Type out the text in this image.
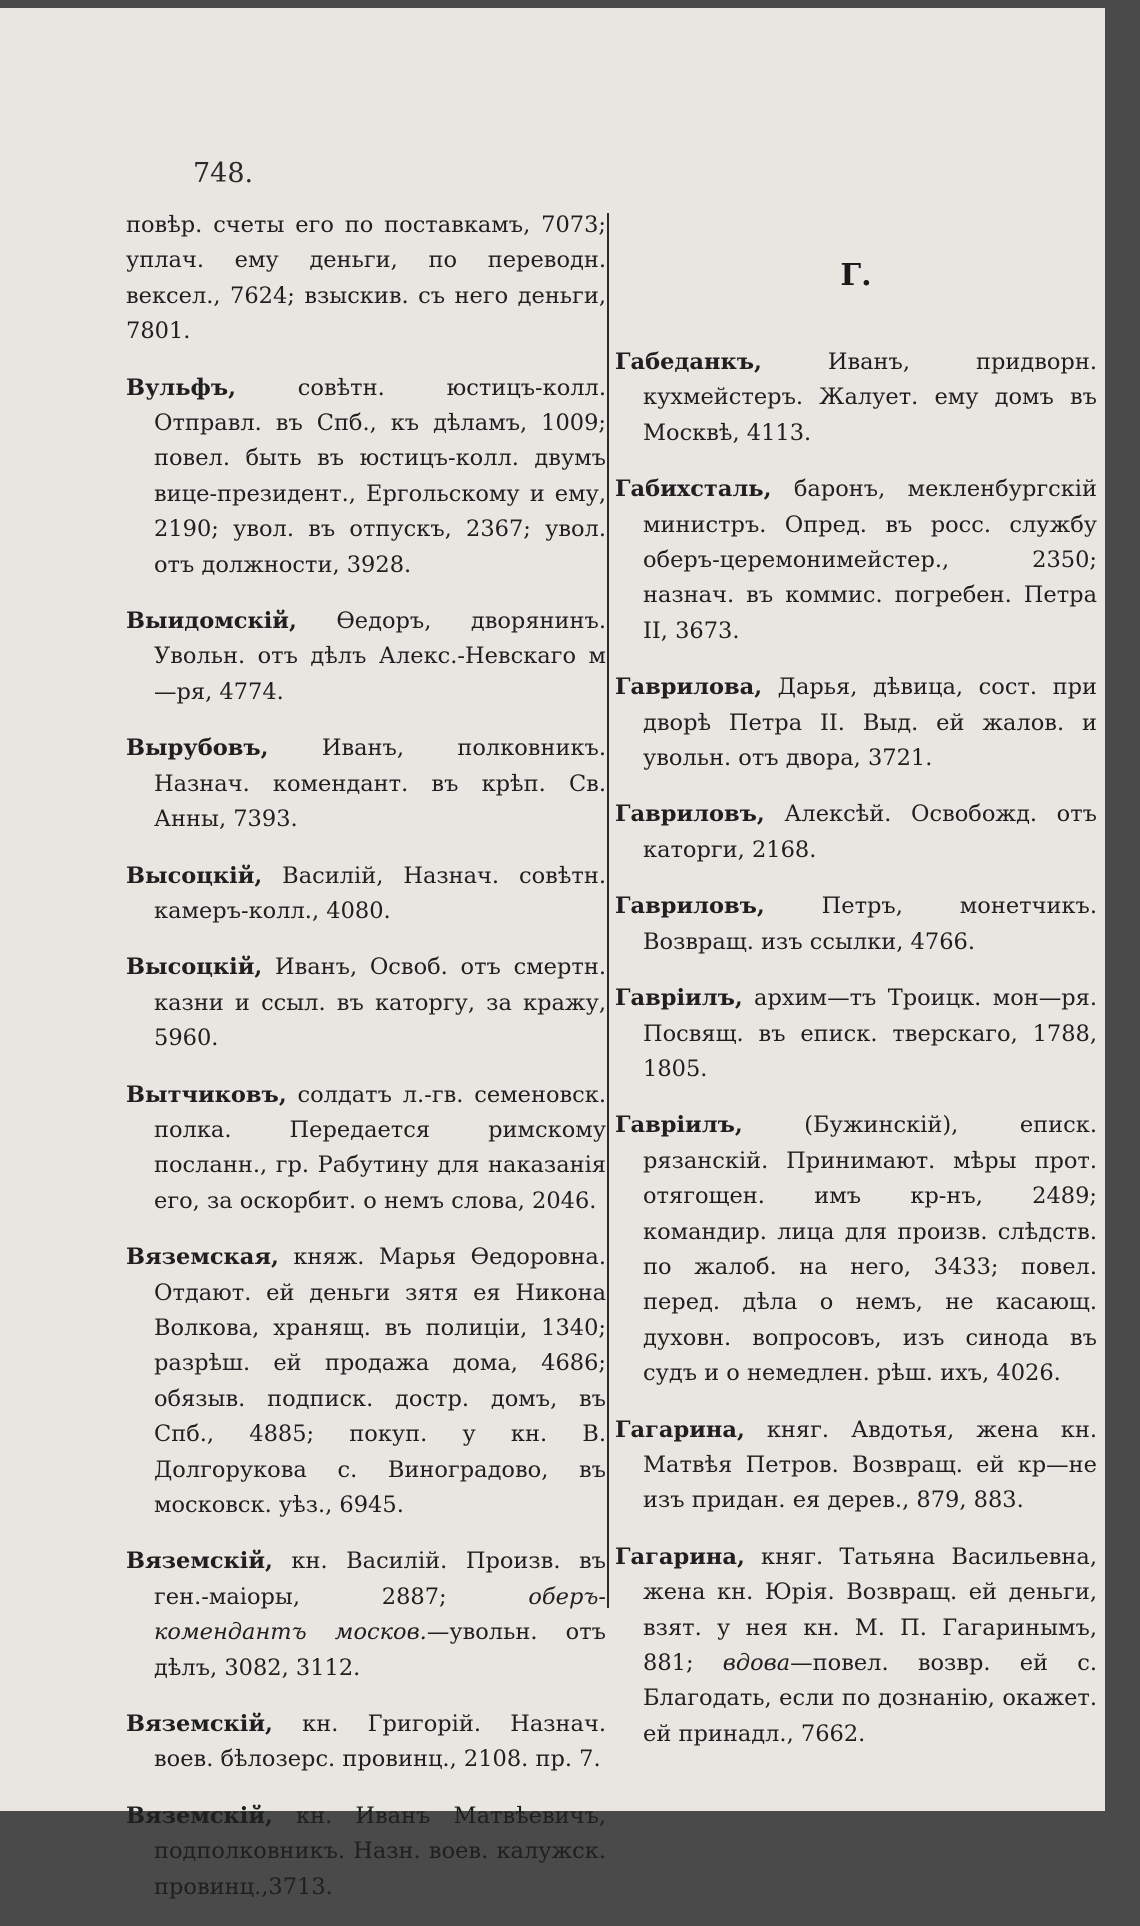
748.

повѣр. счеты его по поставкамъ, 7073; уплач. ему деньги, по переводн. вексел., 7624; взыскив. съ него деньги, 7801.

Вульфъ, совѣтн. юстицъ-колл. Отправл. въ Спб., къ дѣламъ, 1009; повел. быть въ юстицъ-колл. двумъ вице-президент., Ергольскому и ему, 2190; увол. въ отпускъ, 2367; увол. отъ должности, 3928.

Выидомскій, Ѳедоръ, дворянинъ. Увольн. отъ дѣлъ Алекс.-Невскаго м—ря, 4774.

Вырубовъ, Иванъ, полковникъ. Назнач. комендант. въ крѣп. Св. Анны, 7393.

Высоцкій, Василій, Назнач. совѣтн. камеръ-колл., 4080.

Высоцкій, Иванъ, Освоб. отъ смертн. казни и ссыл. въ каторгу, за кражу, 5960.

Вытчиковъ, солдатъ л.-гв. семеновск. полка. Передается римскому посланн., гр. Рабутину для наказанія его, за оскорбит. о немъ слова, 2046.

Вяземская, княж. Марья Ѳедоровна. Отдают. ей деньги зятя ея Никона Волкова, хранящ. въ полиціи, 1340; разрѣш. ей продажа дома, 4686; обязыв. подписк. достр. домъ, въ Спб., 4885; покуп. у кн. В. Долгорукова с. Виноградово, въ московск. уѣз., 6945.

Вяземскій, кн. Василій. Произв. въ ген.-маіоры, 2887; оберъ-комендантъ москов.—увольн. отъ дѣлъ, 3082, 3112.

Вяземскій, кн. Григорій. Назнач. воев. бѣлозерс. провинц., 2108. пр. 7.

Вяземскій, кн. Иванъ Матвѣевичъ, подполковникъ. Назн. воев. калужск. провинц.,3713.

Г.

Габеданкъ, Иванъ, придворн. кухмейстеръ. Жалует. ему домъ въ Москвѣ, 4113.

Габихсталь, баронъ, мекленбургскій министръ. Опред. въ росс. службу оберъ-церемонимейстер., 2350; назнач. въ коммис. погребен. Петра II, 3673.

Гаврилова, Дарья, дѣвица, сост. при дворѣ Петра II. Выд. ей жалов. и увольн. отъ двора, 3721.

Гавриловъ, Алексѣй. Освобожд. отъ каторги, 2168.

Гавриловъ, Петръ, монетчикъ. Возвращ. изъ ссылки, 4766.

Гавріилъ, архим—тъ Троицк. мон—ря. Посвящ. въ еписк. тверскаго, 1788, 1805.

Гавріилъ, (Бужинскій), еписк. рязанскій. Принимают. мѣры прот. отягощен. имъ кр-нъ, 2489; командир. лица для произв. слѣдств. по жалоб. на него, 3433; повел. перед. дѣла о немъ, не касающ. духовн. вопросовъ, изъ синода въ судъ и о немедлен. рѣш. ихъ, 4026.

Гагарина, княг. Авдотья, жена кн. Матвѣя Петров. Возвращ. ей кр—не изъ придан. ея дерев., 879, 883.

Гагарина, княг. Татьяна Васильевна, жена кн. Юрія. Возвращ. ей деньги, взят. у нея кн. М. П. Гагаринымъ, 881; вдова—повел. возвр. ей с. Благодать, если по дознанію, окажет. ей принадл., 7662.
